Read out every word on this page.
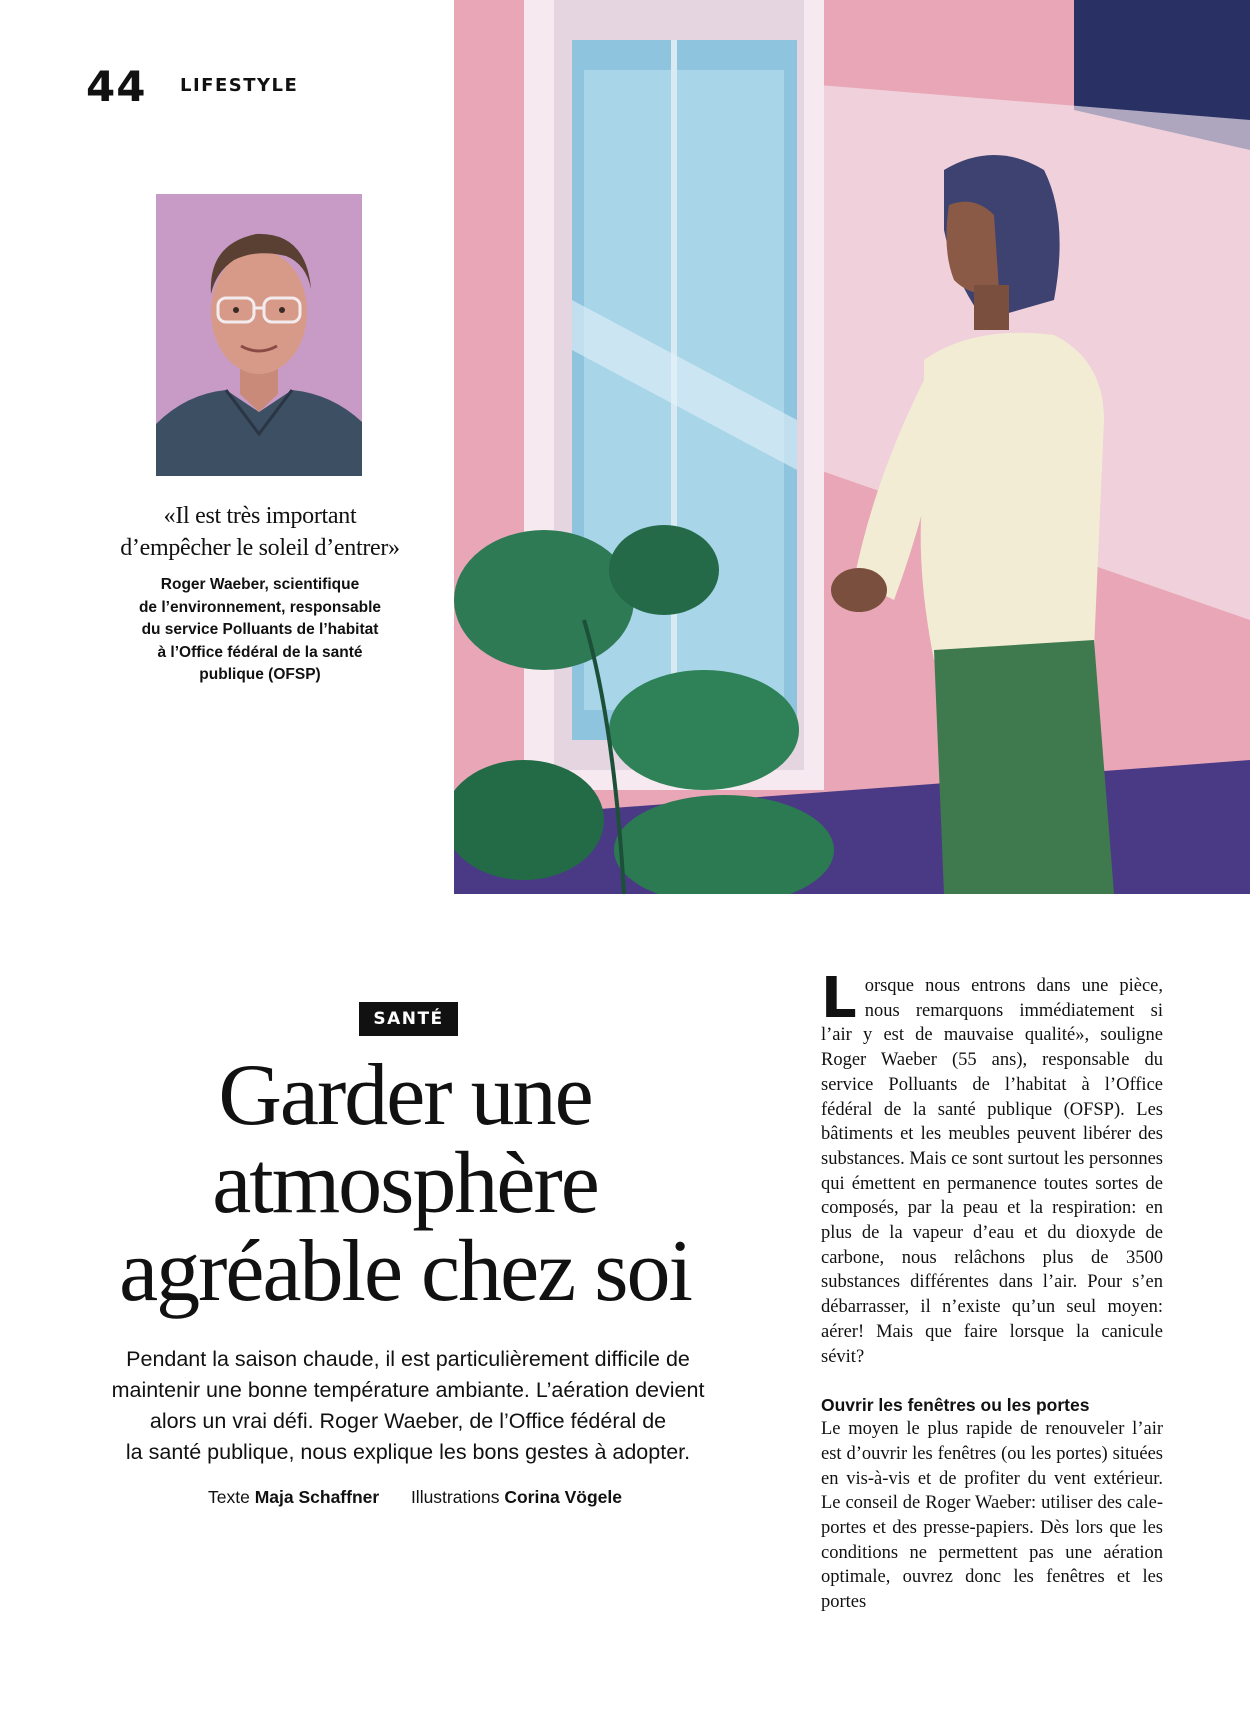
44 LIFESTYLE
«Il est très important
d’empêcher le soleil d’entrer»
Roger Waeber, scientifique
de l’environnement, responsable
du service Polluants de l’habitat
à l’Office fédéral de la santé
publique (OFSP)
SANTÉ
Garder une
atmosphère
agréable chez soi
Pendant la saison chaude, il est particulièrement difficile de
maintenir une bonne température ambiante. L’aération devient
alors un vrai défi. Roger Waeber, de l’Office fédéral de
la santé publique, nous explique les bons gestes à adopter.
Texte Maja Schaffner Illustrations Corina Vögele

Lorsque nous entrons dans une pièce, nous remarquons immédiatement si l’air y est de mauvaise qualité», souligne Roger Waeber (55 ans), responsable du service Polluants de l’habitat à l’Office fédéral de la santé publique (OFSP). Les bâtiments et les meubles peuvent libérer des substances. Mais ce sont surtout les personnes qui émettent en permanence toutes sortes de composés, par la peau et la respiration: en plus de la vapeur d’eau et du dioxyde de carbone, nous relâchons plus de 3500 substances différentes dans l’air. Pour s’en débarrasser, il n’existe qu’un seul moyen: aérer! Mais que faire lorsque la canicule sévit?

Ouvrir les fenêtres ou les portes

Le moyen le plus rapide de renouveler l’air est d’ouvrir les fenêtres (ou les portes) situées en vis-à-vis et de profiter du vent extérieur. Le conseil de Roger Waeber: utiliser des cale-portes et des presse-papiers. Dès lors que les conditions ne permettent pas une aération optimale, ouvrez donc les fenêtres et les portes
